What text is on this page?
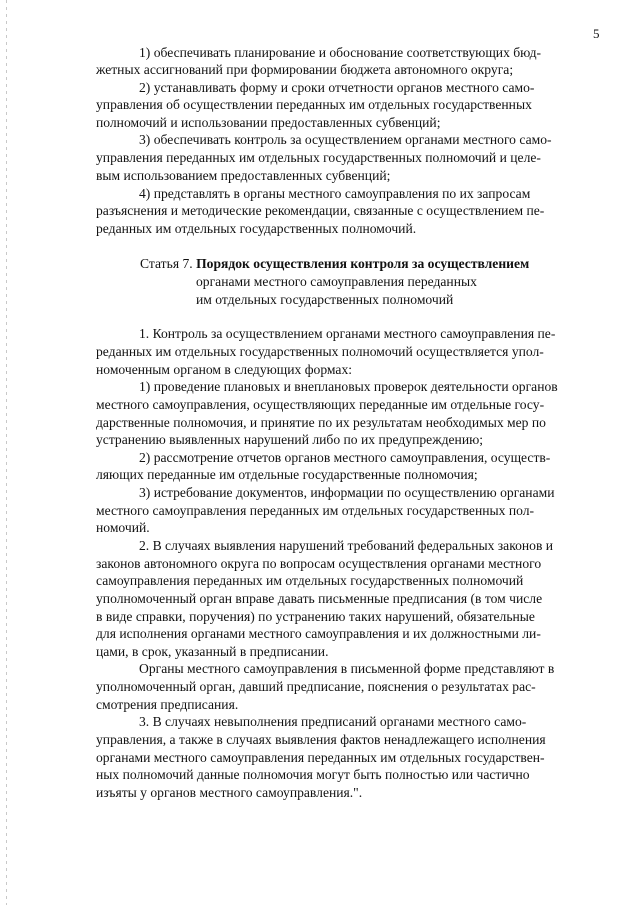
5
1) обеспечивать планирование и обоснование соответствующих бюд-
жетных ассигнований при формировании бюджета автономного округа;
2) устанавливать форму и сроки отчетности органов местного само-
управления об осуществлении переданных им отдельных государственных
полномочий и использовании предоставленных субвенций;
3) обеспечивать контроль за осуществлением органами местного само-
управления переданных им отдельных государственных полномочий и целе-
вым использованием предоставленных субвенций;
4) представлять в органы местного самоуправления по их запросам
разъяснения и методические рекомендации, связанные с осуществлением пе-
реданных им отдельных государственных полномочий.
Статья 7. Порядок осуществления контроля за осуществлением
органами местного самоуправления переданных
им отдельных государственных полномочий
1. Контроль за осуществлением органами местного самоуправления пе-
реданных им отдельных государственных полномочий осуществляется упол-
номоченным органом в следующих формах:
1) проведение плановых и внеплановых проверок деятельности органов
местного самоуправления, осуществляющих переданные им отдельные госу-
дарственные полномочия, и принятие по их результатам необходимых мер по
устранению выявленных нарушений либо по их предупреждению;
2) рассмотрение отчетов органов местного самоуправления, осуществ-
ляющих переданные им отдельные государственные полномочия;
3) истребование документов, информации по осуществлению органами
местного самоуправления переданных им отдельных государственных пол-
номочий.
2. В случаях выявления нарушений требований федеральных законов и
законов автономного округа по вопросам осуществления органами местного
самоуправления переданных им отдельных государственных полномочий
уполномоченный орган вправе давать письменные предписания (в том числе
в виде справки, поручения) по устранению таких нарушений, обязательные
для исполнения органами местного самоуправления и их должностными ли-
цами, в срок, указанный в предписании.
Органы местного самоуправления в письменной форме представляют в
уполномоченный орган, давший предписание, пояснения о результатах рас-
смотрения предписания.
3. В случаях невыполнения предписаний органами местного само-
управления, а также в случаях выявления фактов ненадлежащего исполнения
органами местного самоуправления переданных им отдельных государствен-
ных полномочий данные полномочия могут быть полностью или частично
изъяты у органов местного самоуправления.".
